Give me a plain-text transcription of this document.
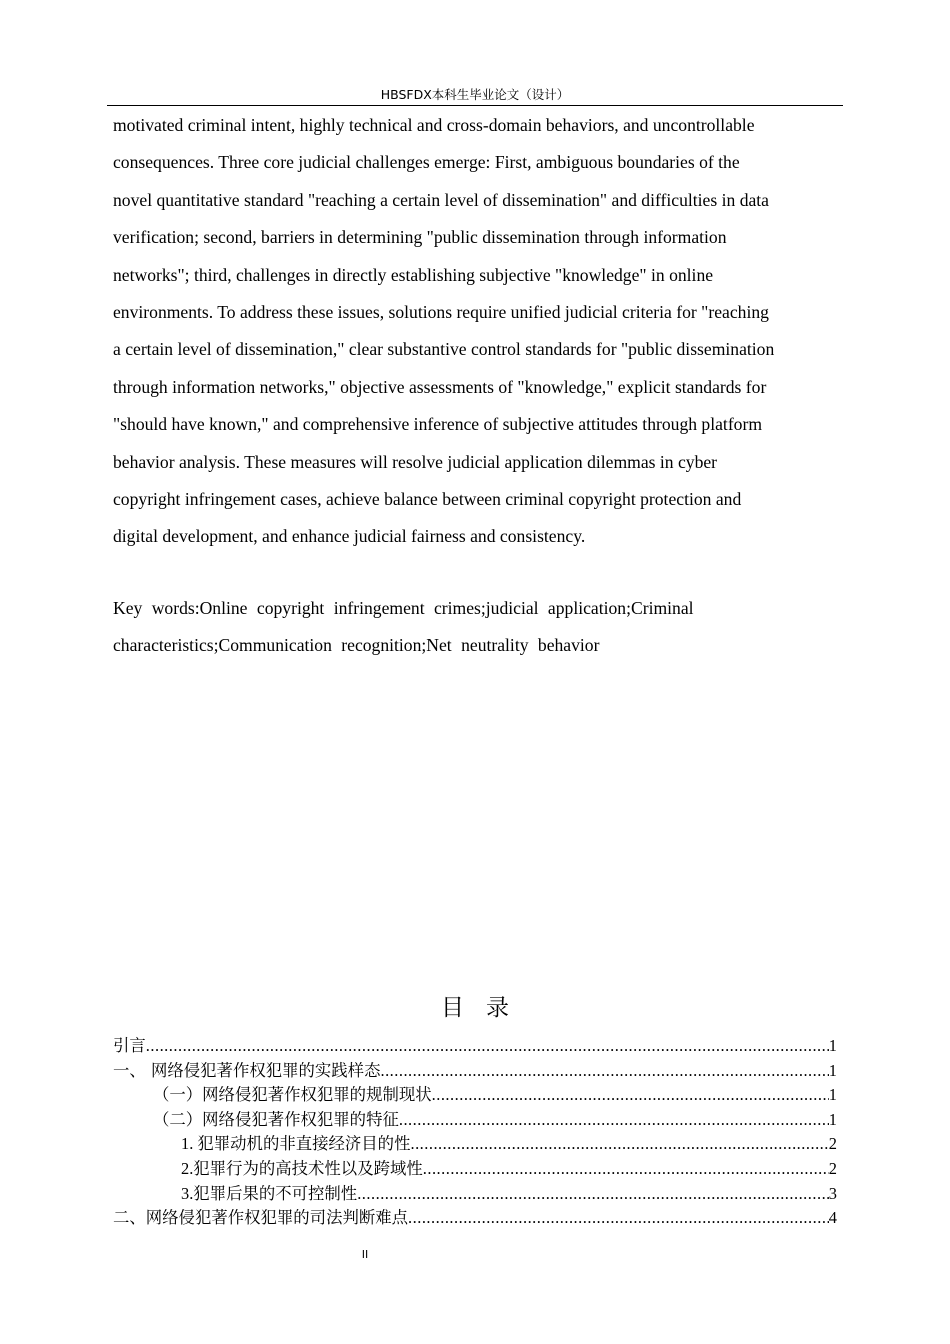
HBSFDX本科生毕业论文（设计）
motivated criminal intent, highly technical and cross-domain behaviors, and uncontrollable
consequences. Three core judicial challenges emerge: First, ambiguous boundaries of the
novel quantitative standard "reaching a certain level of dissemination" and difficulties in data
verification; second, barriers in determining "public dissemination through information
networks"; third, challenges in directly establishing subjective "knowledge" in online
environments. To address these issues, solutions require unified judicial criteria for "reaching
a certain level of dissemination," clear substantive control standards for "public dissemination
through information networks," objective assessments of "knowledge," explicit standards for
"should have known," and comprehensive inference of subjective attitudes through platform
behavior analysis. These measures will resolve judicial application dilemmas in cyber
copyright infringement cases, achieve balance between criminal copyright protection and
digital development, and enhance judicial fairness and consistency.
Key words:Online copyright infringement crimes;judicial application;Criminal
characteristics;Communication recognition;Net neutrality behavior
目录
引言 .....	1
一、 网络侵犯著作权犯罪的实践样态 .....	1
（一）网络侵犯著作权犯罪的规制现状 .....	1
（二）网络侵犯著作权犯罪的特征 .....	1
1. 犯罪动机的非直接经济目的性 .....	2
2.犯罪行为的高技术性以及跨域性 .....	2
3.犯罪后果的不可控制性 .....	3
二、网络侵犯著作权犯罪的司法判断难点 .....	4
II
